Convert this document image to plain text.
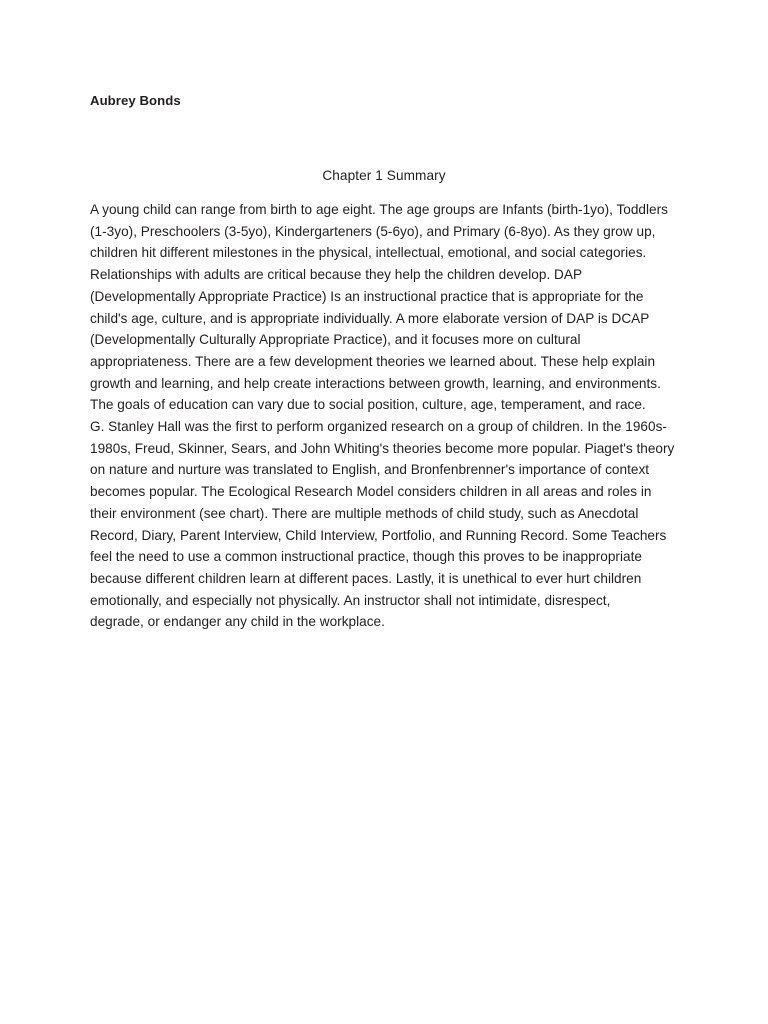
Aubrey Bonds
Chapter 1 Summary
A young child can range from birth to age eight. The age groups are Infants (birth-1yo), Toddlers
(1-3yo), Preschoolers (3-5yo), Kindergarteners (5-6yo), and Primary (6-8yo). As they grow up,
children hit different milestones in the physical, intellectual, emotional, and social categories.
Relationships with adults are critical because they help the children develop. DAP
(Developmentally Appropriate Practice) Is an instructional practice that is appropriate for the
child's age, culture, and is appropriate individually. A more elaborate version of DAP is DCAP
(Developmentally Culturally Appropriate Practice), and it focuses more on cultural
appropriateness. There are a few development theories we learned about. These help explain
growth and learning, and help create interactions between growth, learning, and environments.
The goals of education can vary due to social position, culture, age, temperament, and race.
G. Stanley Hall was the first to perform organized research on a group of children. In the 1960s-
1980s, Freud, Skinner, Sears, and John Whiting's theories become more popular. Piaget's theory
on nature and nurture was translated to English, and Bronfenbrenner's importance of context
becomes popular. The Ecological Research Model considers children in all areas and roles in
their environment (see chart). There are multiple methods of child study, such as Anecdotal
Record, Diary, Parent Interview, Child Interview, Portfolio, and Running Record. Some Teachers
feel the need to use a common instructional practice, though this proves to be inappropriate
because different children learn at different paces. Lastly, it is unethical to ever hurt children
emotionally, and especially not physically. An instructor shall not intimidate, disrespect,
degrade, or endanger any child in the workplace.
